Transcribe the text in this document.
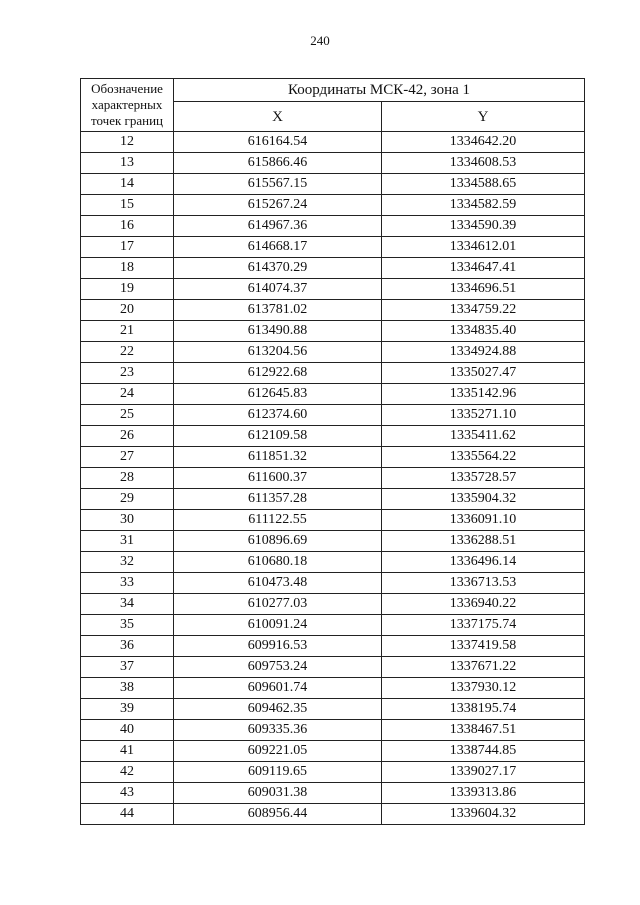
240
Обозначение характерных точек границ	Координаты МСК-42, зона 1	
	X	Y
12	616164.54	1334642.20
13	615866.46	1334608.53
14	615567.15	1334588.65
15	615267.24	1334582.59
16	614967.36	1334590.39
17	614668.17	1334612.01
18	614370.29	1334647.41
19	614074.37	1334696.51
20	613781.02	1334759.22
21	613490.88	1334835.40
22	613204.56	1334924.88
23	612922.68	1335027.47
24	612645.83	1335142.96
25	612374.60	1335271.10
26	612109.58	1335411.62
27	611851.32	1335564.22
28	611600.37	1335728.57
29	611357.28	1335904.32
30	611122.55	1336091.10
31	610896.69	1336288.51
32	610680.18	1336496.14
33	610473.48	1336713.53
34	610277.03	1336940.22
35	610091.24	1337175.74
36	609916.53	1337419.58
37	609753.24	1337671.22
38	609601.74	1337930.12
39	609462.35	1338195.74
40	609335.36	1338467.51
41	609221.05	1338744.85
42	609119.65	1339027.17
43	609031.38	1339313.86
44	608956.44	1339604.32
